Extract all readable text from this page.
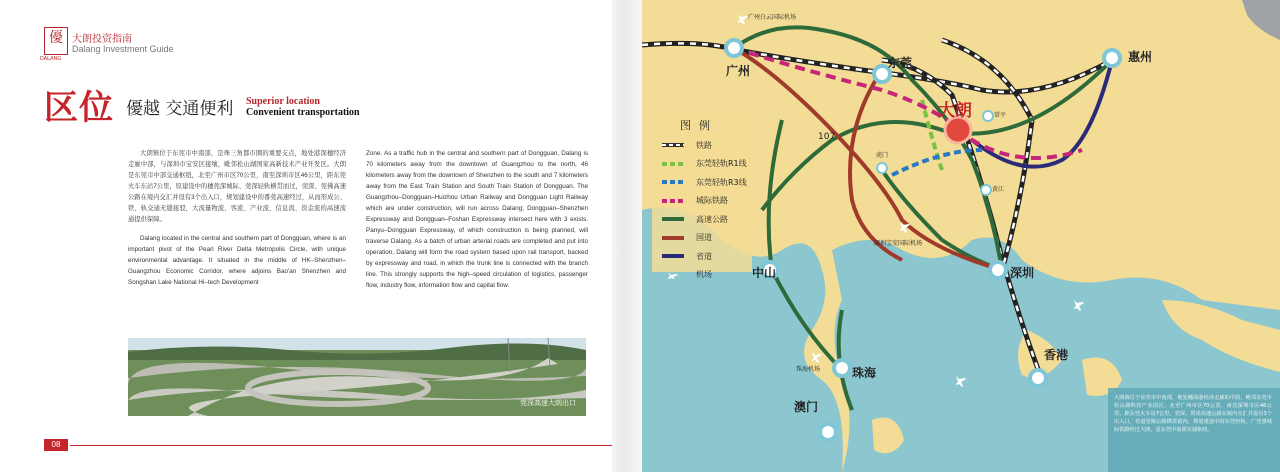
優
DALANG
大朗投资指南
Dalang Investment Guide
区位 優越 交通便利 Superior location
Convenient transportation

大朗镇位于东莞市中南部，是珠三角都市圈的重要支点，地处港深穗经济走廊中部，与深圳市宝安区接壤，毗邻松山湖国家高新技术产业开发区。大朗是东莞市中部交通枢纽，北至广州市区70公里，南至深圳市区46公里，距东莞火车东站7公里，原建设中的穗莞深城际、莞深轻轨横贯而过，莞深、莞佛高速公路在境内交汇并设有3个出入口，规划建设中的番莞高速经过，从而形成公、铁、轨交通无缝接驳，大流量物流、客流、产业流、信息流、资金流的高速流通提供保障。

Dalang located in the central and southern part of Dongguan, where is an important pivot of the Pearl River Delta Metropolis Circle, with unique environmental advantage. It situated in the middle of HK–Shenzhen–Guangzhou Economic Corridor, where adjoins Bao'an Shenzhen and Songshan Lake National Hi–tech Development

Zone. As a traffic hub in the central and southern part of Dongguan, Dalang is 70 kilometers away from the downtown of Guangzhou to the north, 46 kilometers away from the downtown of Shenzhen to the south and 7 kilometers away from the East Train Station and South Train Station of Dongguan. The Guangzhou–Dongguan–Huizhou Urban Railway and Dongguan Light Railway which are under construction, will run across Dalang; Dongguan–Shenzhen Expressway and Dongguan–Foshan Expressway intersect here with 3 exists. Panyu–Dongguan Expressway, of which construction is being planned, will traverse Dalang. As a batch of urban arterial roads are completed and put into operation, Dalang will form the road system based upon rail transport, backed by expressway and road, in which the trunk line is connected with the branch line. This strongly supports the high–speed circulation of logistics, passenger flow, industry flow, information flow and capital flow.

莞深高速大朗出口
08
广州
东莞	惠州
深圳
中山
珠海
澳门
香港
大朗
广州白云国际机场
深圳宝安国际机场
珠海机场
虎门
常平
黄江
107
图例
铁路
东莞轻轨R1线
东莞轻轨R3线
城际铁路
高速公路
国道
省道
机场
大朗镇位于东莞市中南部，地处穗深港经济走廊的中段，毗邻东莞市松山湖科技产业园区，北至广州市区70公里，南达深圳市区46公里，距东莞火车站7公里。莞深、常虎高速公路在镇内交汇并设有3个出入口，省道莞樟公路横贯镇内，规划建设中的东莞轻轨、广莞惠城际铁路经过大朗，是东莞中南部交通枢纽。
